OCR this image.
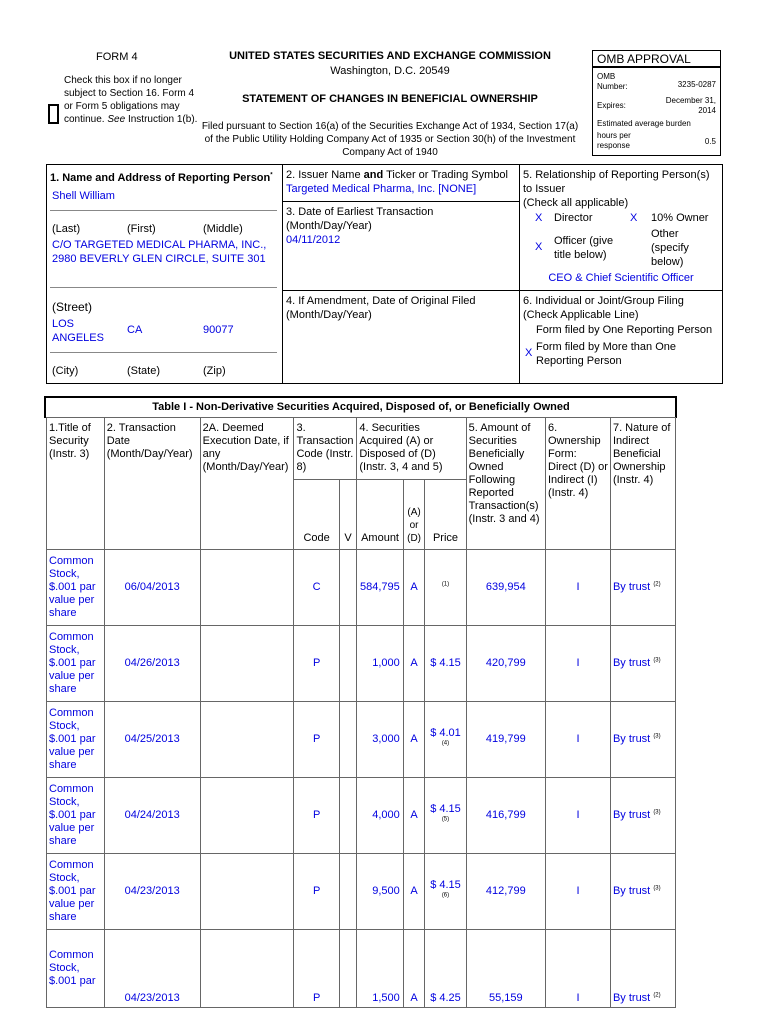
FORM 4
Check this box if no longer subject to Section 16. Form 4 or Form 5 obligations may continue. See Instruction 1(b).
UNITED STATES SECURITIES AND EXCHANGE COMMISSION
Washington, D.C. 20549
STATEMENT OF CHANGES IN BENEFICIAL OWNERSHIP
Filed pursuant to Section 16(a) of the Securities Exchange Act of 1934, Section 17(a) of the Public Utility Holding Company Act of 1935 or Section 30(h) of the Investment Company Act of 1940
OMB APPROVAL
OMB Number:	3235-0287
Expires:
December 31, 2014
Estimated average burden
hours per response	0.5
1. Name and Address of Reporting Person*
Shell William
(Last)	(First)	(Middle)
C/O TARGETED MEDICAL PHARMA, INC., 2980 BEVERLY GLEN CIRCLE, SUITE 301
(Street)
LOS ANGELES
CA	90077
(City)	(State)	(Zip)
2. Issuer Name and Ticker or Trading Symbol
Targeted Medical Pharma, Inc. [NONE]
3. Date of Earliest Transaction (Month/Day/Year)
04/11/2012
4. If Amendment, Date of Original Filed (Month/Day/Year)
5. Relationship of Reporting Person(s) to Issuer
(Check all applicable)
X Director	X 10% Owner
X Officer (give title below)
Other (specify below)
CEO & Chief Scientific Officer
6. Individual or Joint/Group Filing (Check Applicable Line)
Form filed by One Reporting Person
X Form filed by More than One Reporting Person
Table I - Non-Derivative Securities Acquired, Disposed of, or Beneficially Owned
1.Title of Security (Instr. 3)	2. Transaction Date (Month/Day/Year)	2A. Deemed Execution Date, if any (Month/Day/Year)	3. Transaction Code (Instr. 8)		4. Securities Acquired (A) or Disposed of (D) (Instr. 3, 4 and 5)			5. Amount of Securities Beneficially Owned Following Reported Transaction(s) (Instr. 3 and 4)	6. Ownership Form: Direct (D) or Indirect (I) (Instr. 4)	7. Nature of Indirect Beneficial Ownership (Instr. 4)
			Code	V	Amount	(A) or (D)	Price			
Common Stock, $.001 par value per share	06/04/2013		C		584,795	A	$^{(1)}$	639,954	I	By trust $^{(2)}$
Common Stock, $.001 par value per share	04/26/2013		P		1,000	A	$ 4.15	420,799	I	By trust $^{(3)}$
Common Stock, $.001 par value per share	04/25/2013		P		3,000	A	$ 4.01 $^{(4)}$	419,799	I	By trust $^{(3)}$
Common Stock, $.001 par value per share	04/24/2013		P		4,000	A	$ 4.15 $^{(5)}$	416,799	I	By trust $^{(3)}$
Common Stock, $.001 par value per share	04/23/2013		P		9,500	A	$ 4.15 $^{(6)}$	412,799	I	By trust $^{(3)}$
Common Stock, $.001 par	04/23/2013		P		1,500	A	$ 4.25	55,159	I	By trust $^{(2)}$
